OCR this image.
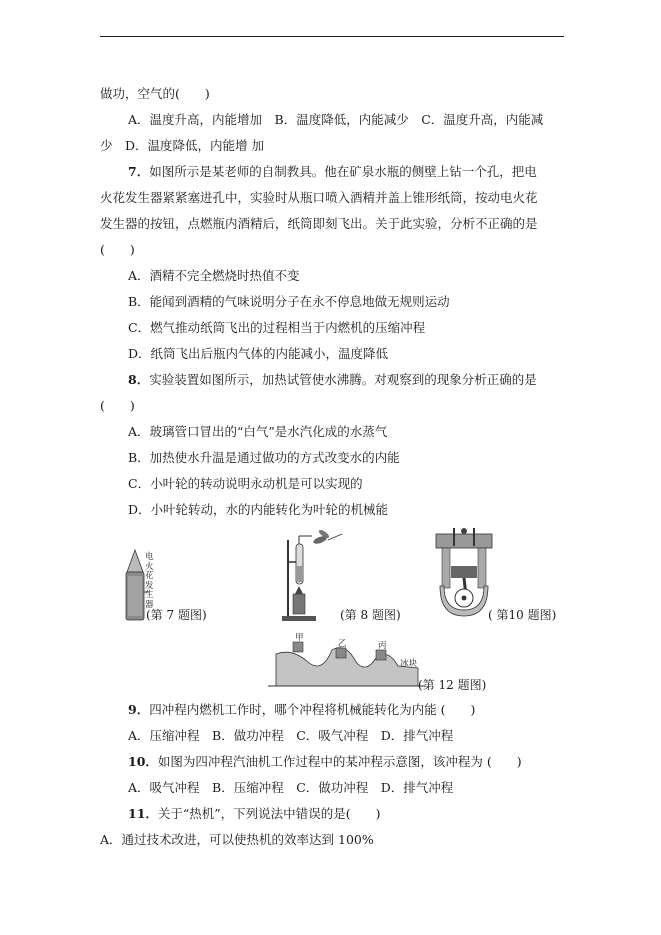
做功，空气的(　　)
A．温度升高，内能增加　B．温度降低，内能减少　C．温度升高，内能减
少　D．温度降低，内能增 加
7．如图所示是某老师的自制教具。他在矿泉水瓶的侧壁上钻一个孔，把电
火花发生器紧紧塞进孔中，实验时从瓶口喷入酒精并盖上锥形纸筒，按动电火花
发生器的按钮，点燃瓶内酒精后，纸筒即刻飞出。关于此实验，分析不正确的是
(　　)
A．酒精不完全燃烧时热值不变
B．能闻到酒精的气味说明分子在永不停息地做无规则运动
C．燃气推动纸筒飞出的过程相当于内燃机的压缩冲程
D．纸筒飞出后瓶内气体的内能减小，温度降低
8．实验装置如图所示，加热试管使水沸腾。对观察到的现象分析正确的是
(　　)
A．玻璃管口冒出的“白气”是水汽化成的水蒸气
B．加热使水升温是通过做功的方式改变水的内能
C．小叶轮的转动说明永动机是可以实现的
D．小叶轮转动，水的内能转化为叶轮的机械能
电火花发生器
(第 7 题图)	(第 8 题图)	( 第10 题图)
甲
乙	丙
冰块
(第 12 题图)
9．四冲程内燃机工作时，哪个冲程将机械能转化为内能 (　　)
A．压缩冲程　B．做功冲程　C．吸气冲程　D．排气冲程
10．如图为四冲程汽油机工作过程中的某冲程示意图，该冲程为 (　　)
A．吸气冲程　B．压缩冲程　C．做功冲程　D．排气冲程
11．关于“热机”，下列说法中错误的是(　　)
A．通过技术改进，可以使热机的效率达到 100%
